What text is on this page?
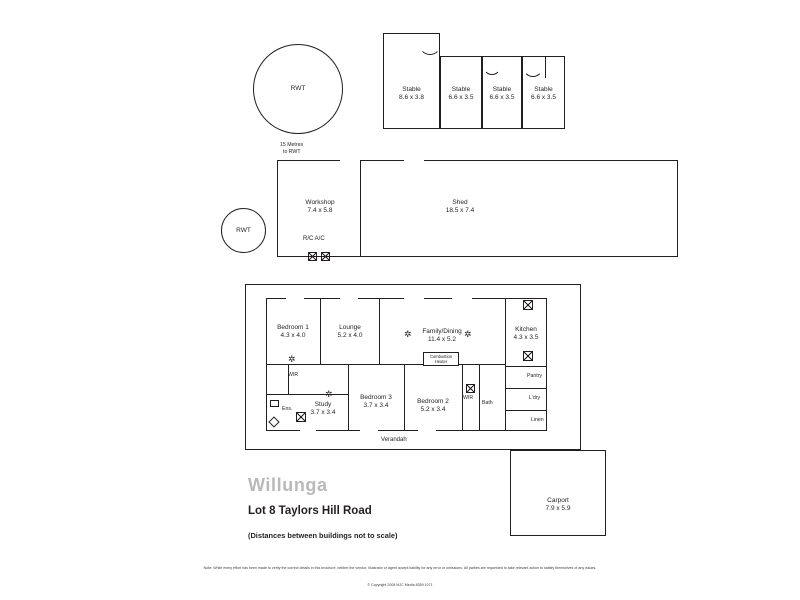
RWT
15 Metres
to RWT
Stable
8.6 x 3.8
Stable
6.6 x 3.5
Stable
6.6 x 3.5
Stable
6.6 x 3.5
Workshop
7.4 x 5.8
Shed
18.5 x 7.4
R/C A/C
RWT
Carport
7.9 x 5.9
Verandah
✲
✲
✲	✲
Combustion Heater
Bedroom 1
4.3 x 4.0
Lounge
5.2 x 4.0
Family/Dining
11.4 x 5.2
Kitchen
4.3 x 3.5
Study
3.7 x 3.4
Bedroom 3
3.7 x 3.4
Bedroom 2
5.2 x 3.4
WIR
Ens.
WIR
Bath
Pantry
L'dry
Linen
Willunga
Lot 8 Taylors Hill Road
(Distances between buildings not to scale)
Note: While every effort has been made to verify the correct details in this brochure, neither the vendor, illustrator or agent accept liability for any error or omissions. All parties are requested to take relevant action to satisfy themselves of any issues.
© Copyright 2008 MJC Media 8359 1071
